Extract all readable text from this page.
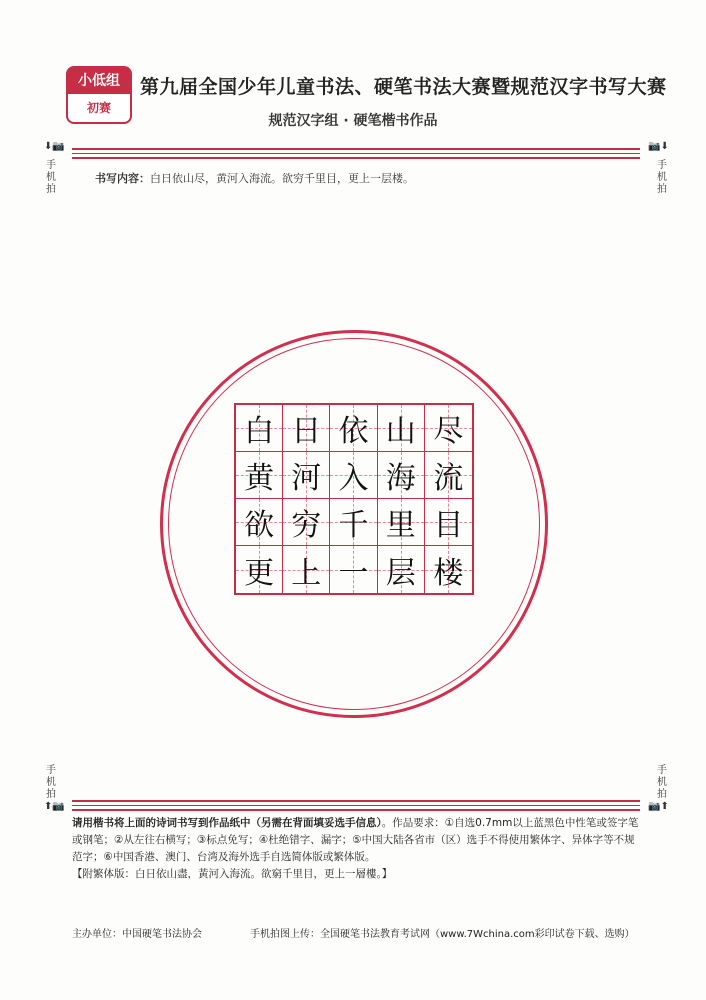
小低组
初赛
第九届全国少年儿童书法、硬笔书法大赛暨规范汉字书写大赛
规范汉字组 · 硬笔楷书作品
⬇📷
手
机
拍
📷⬇
手
机
拍
书写内容：白日依山尽，黄河入海流。欲穷千里目，更上一层楼。
白 日 依 山 尽
黄 河 入 海 流
欲 穷 千 里 目
更 上 一 层 楼
手
机
拍
⬆📷
手
机
拍
📷⬆
请用楷书将上面的诗词书写到作品纸中（另需在背面填妥选手信息）。作品要求：①自选0.7mm以上蓝黑色中性笔或签字笔或钢笔；②从左往右横写；③标点免写；④杜绝错字、漏字；⑤中国大陆各省市（区）选手不得使用繁体字、异体字等不规范字；⑥中国香港、澳门、台湾及海外选手自选简体版或繁体版。
【附繁体版：白日依山盡，黃河入海流。欲窮千里目，更上一層樓。】
主办单位：中国硬笔书法协会	手机拍图上传：全国硬笔书法教育考试网（www.7Wchina.com彩印试卷下载、选购）
